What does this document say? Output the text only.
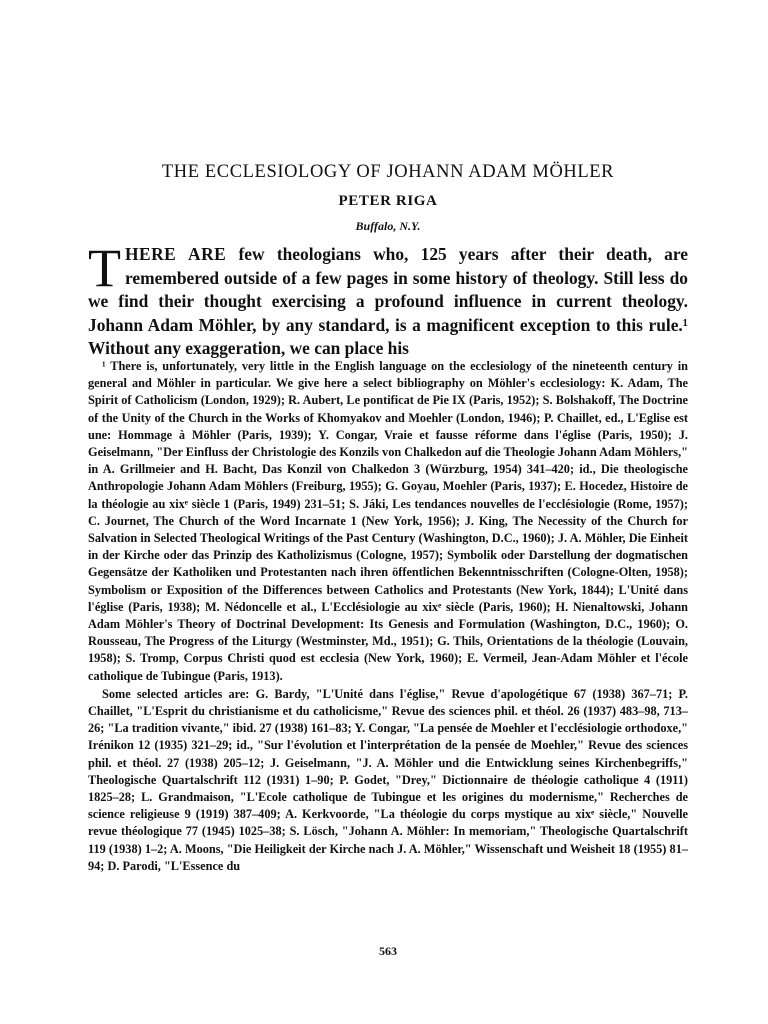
THE ECCLESIOLOGY OF JOHANN ADAM MÖHLER
PETER RIGA
Buffalo, N.Y.

THERE ARE few theologians who, 125 years after their death, are remembered outside of a few pages in some history of theology. Still less do we find their thought exercising a profound influence in current theology. Johann Adam Möhler, by any standard, is a magnificent exception to this rule.¹ Without any exaggeration, we can place his

¹ There is, unfortunately, very little in the English language on the ecclesiology of the nineteenth century in general and Möhler in particular. We give here a select bibliography on Möhler's ecclesiology: K. Adam, The Spirit of Catholicism (London, 1929); R. Aubert, Le pontificat de Pie IX (Paris, 1952); S. Bolshakoff, The Doctrine of the Unity of the Church in the Works of Khomyakov and Moehler (London, 1946); P. Chaillet, ed., L'Eglise est une: Hommage à Möhler (Paris, 1939); Y. Congar, Vraie et fausse réforme dans l'église (Paris, 1950); J. Geiselmann, "Der Einfluss der Christologie des Konzils von Chalkedon auf die Theologie Johann Adam Möhlers," in A. Grillmeier and H. Bacht, Das Konzil von Chalkedon 3 (Würzburg, 1954) 341–420; id., Die theologische Anthropologie Johann Adam Möhlers (Freiburg, 1955); G. Goyau, Moehler (Paris, 1937); E. Hocedez, Histoire de la théologie au xixᵉ siècle 1 (Paris, 1949) 231–51; S. Jáki, Les tendances nouvelles de l'ecclésiologie (Rome, 1957); C. Journet, The Church of the Word Incarnate 1 (New York, 1956); J. King, The Necessity of the Church for Salvation in Selected Theological Writings of the Past Century (Washington, D.C., 1960); J. A. Möhler, Die Einheit in der Kirche oder das Prinzip des Katholizismus (Cologne, 1957); Symbolik oder Darstellung der dogmatischen Gegensätze der Katholiken und Protestanten nach ihren öffentlichen Bekenntnisschriften (Cologne-Olten, 1958); Symbolism or Exposition of the Differences between Catholics and Protestants (New York, 1844); L'Unité dans l'église (Paris, 1938); M. Nédoncelle et al., L'Ecclésiologie au xixᵉ siècle (Paris, 1960); H. Nienaltowski, Johann Adam Möhler's Theory of Doctrinal Development: Its Genesis and Formulation (Washington, D.C., 1960); O. Rousseau, The Progress of the Liturgy (Westminster, Md., 1951); G. Thils, Orientations de la théologie (Louvain, 1958); S. Tromp, Corpus Christi quod est ecclesia (New York, 1960); E. Vermeil, Jean-Adam Möhler et l'école catholique de Tubingue (Paris, 1913).

Some selected articles are: G. Bardy, "L'Unité dans l'église," Revue d'apologétique 67 (1938) 367–71; P. Chaillet, "L'Esprit du christianisme et du catholicisme," Revue des sciences phil. et théol. 26 (1937) 483–98, 713–26; "La tradition vivante," ibid. 27 (1938) 161–83; Y. Congar, "La pensée de Moehler et l'ecclésiologie orthodoxe," Irénikon 12 (1935) 321–29; id., "Sur l'évolution et l'interprétation de la pensée de Moehler," Revue des sciences phil. et théol. 27 (1938) 205–12; J. Geiselmann, "J. A. Möhler und die Entwicklung seines Kirchenbegriffs," Theologische Quartalschrift 112 (1931) 1–90; P. Godet, "Drey," Dictionnaire de théologie catholique 4 (1911) 1825–28; L. Grandmaison, "L'Ecole catholique de Tubingue et les origines du modernisme," Recherches de science religieuse 9 (1919) 387–409; A. Kerkvoorde, "La théologie du corps mystique au xixᵉ siècle," Nouvelle revue théologique 77 (1945) 1025–38; S. Lösch, "Johann A. Möhler: In memoriam," Theologische Quartalschrift 119 (1938) 1–2; A. Moons, "Die Heiligkeit der Kirche nach J. A. Möhler," Wissenschaft und Weisheit 18 (1955) 81–94; D. Parodi, "L'Essence du

563
